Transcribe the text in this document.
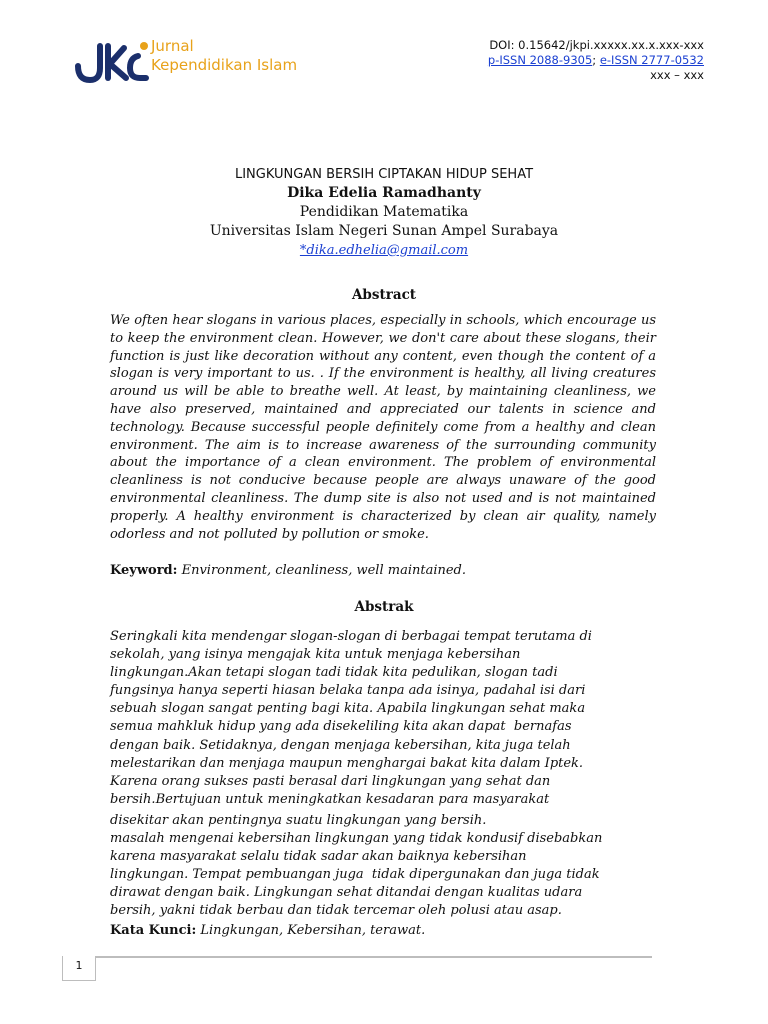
Jurnal
Kependidikan Islam
DOI: 0.15642/jkpi.xxxxx.xx.x.xxx-xxx
p-ISSN 2088-9305; e-ISSN 2777-0532
xxx – xxx
LINGKUNGAN BERSIH CIPTAKAN HIDUP SEHAT
Dika Edelia Ramadhanty
Pendidikan Matematika
Universitas Islam Negeri Sunan Ampel Surabaya
*dika.edhelia@gmail.com
Abstract
We often hear slogans in various places, especially in schools, which encourage us to keep the environment clean. However, we don't care about these slogans, their function is just like decoration without any content, even though the content of a slogan is very important to us. . If the environment is healthy, all living creatures around us will be able to breathe well. At least, by maintaining cleanliness, we have also preserved, maintained and appreciated our talents in science and technology. Because successful people definitely come from a healthy and clean environment. The aim is to increase awareness of the surrounding community about the importance of a clean environment. The problem of environmental cleanliness is not conducive because people are always unaware of the good environmental cleanliness. The dump site is also not used and is not maintained properly. A healthy environment is characterized by clean air quality, namely odorless and not polluted by pollution or smoke.
Keyword: Environment, cleanliness, well maintained.
Abstrak
Seringkali kita mendengar slogan-slogan di berbagai tempat terutama di
sekolah, yang isinya mengajak kita untuk menjaga kebersihan
lingkungan.Akan tetapi slogan tadi tidak kita pedulikan, slogan tadi
fungsinya hanya seperti hiasan belaka tanpa ada isinya, padahal isi dari
sebuah slogan sangat penting bagi kita. Apabila lingkungan sehat maka
semua mahkluk hidup yang ada disekeliling kita akan dapat  bernafas
dengan baik. Setidaknya, dengan menjaga kebersihan, kita juga telah
melestarikan dan menjaga maupun menghargai bakat kita dalam Iptek.
Karena orang sukses pasti berasal dari lingkungan yang sehat dan
bersih.Bertujuan untuk meningkatkan kesadaran para masyarakat
disekitar akan pentingnya suatu lingkungan yang bersih.
masalah mengenai kebersihan lingkungan yang tidak kondusif disebabkan
karena masyarakat selalu tidak sadar akan baiknya kebersihan
lingkungan. Tempat pembuangan juga  tidak dipergunakan dan juga tidak
dirawat dengan baik. Lingkungan sehat ditandai dengan kualitas udara
bersih, yakni tidak berbau dan tidak tercemar oleh polusi atau asap.
Kata Kunci: Lingkungan, Kebersihan, terawat.
1
